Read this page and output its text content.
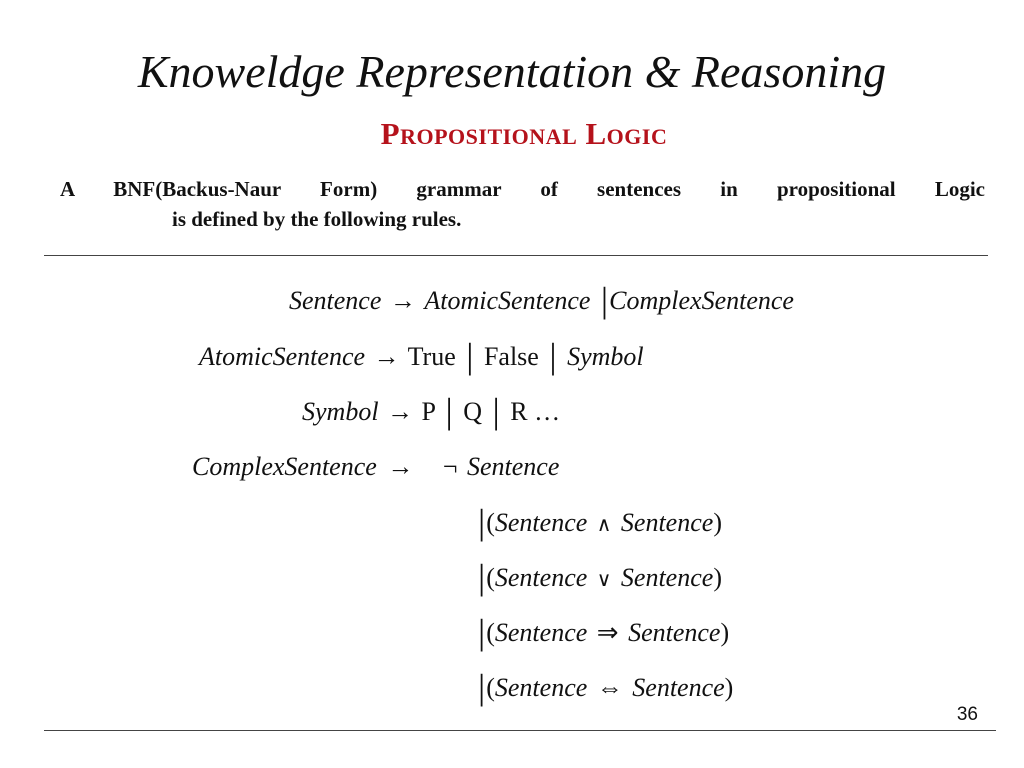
Knoweldge Representation & Reasoning
Propositional Logic
A BNF(Backus-Naur Form) grammar of sentences in propositional Logic
is defined by the following rules.
Sentence → AtomicSentence |ComplexSentence
AtomicSentence → True | False | Symbol
Symbol → P | Q | R …
ComplexSentence → ¬ Sentence
|(Sentence ∧ Sentence)
|(Sentence ∨ Sentence)
|(Sentence ⇒ Sentence)
|(Sentence ⇔ Sentence)
36
